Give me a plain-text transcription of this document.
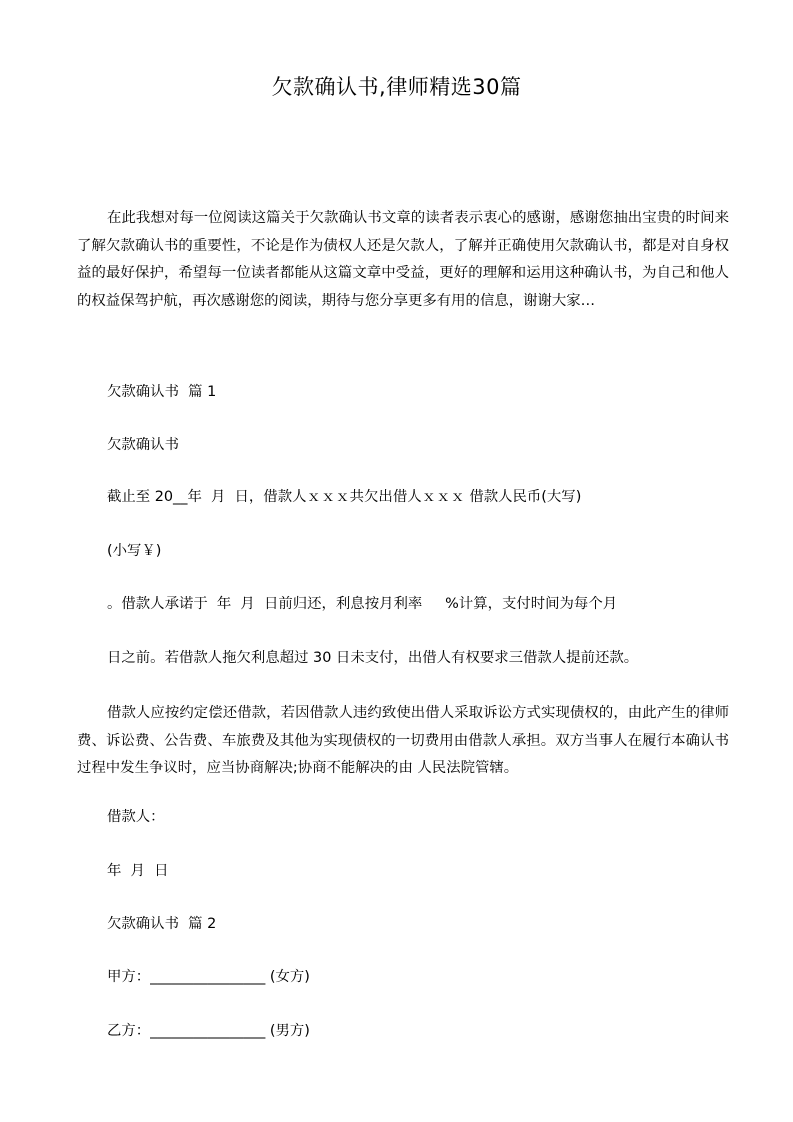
欠款确认书,律师精选30篇

在此我想对每一位阅读这篇关于欠款确认书文章的读者表示衷心的感谢，感谢您抽出宝贵的时间来了解欠款确认书的重要性，不论是作为债权人还是欠款人，了解并正确使用欠款确认书，都是对自身权益的最好保护，希望每一位读者都能从这篇文章中受益，更好的理解和运用这种确认书，为自己和他人的权益保驾护航，再次感谢您的阅读，期待与您分享更多有用的信息，谢谢大家…

欠款确认书  篇 1

欠款确认书

截止至 20__年  月  日，借款人ｘｘｘ共欠出借人ｘｘｘ 借款人民币(大写)

(小写￥)

。借款人承诺于  年  月  日前归还，利息按月利率     %计算，支付时间为每个月

日之前。若借款人拖欠利息超过 30 日未支付，出借人有权要求三借款人提前还款。

借款人应按约定偿还借款，若因借款人违约致使出借人采取诉讼方式实现债权的，由此产生的律师费、诉讼费、公告费、车旅费及其他为实现债权的一切费用由借款人承担。双方当事人在履行本确认书过程中发生争议时，应当协商解决;协商不能解决的由 人民法院管辖。

借款人：

年  月  日

欠款确认书  篇 2

甲方：________________ (女方)

乙方：________________ (男方)
